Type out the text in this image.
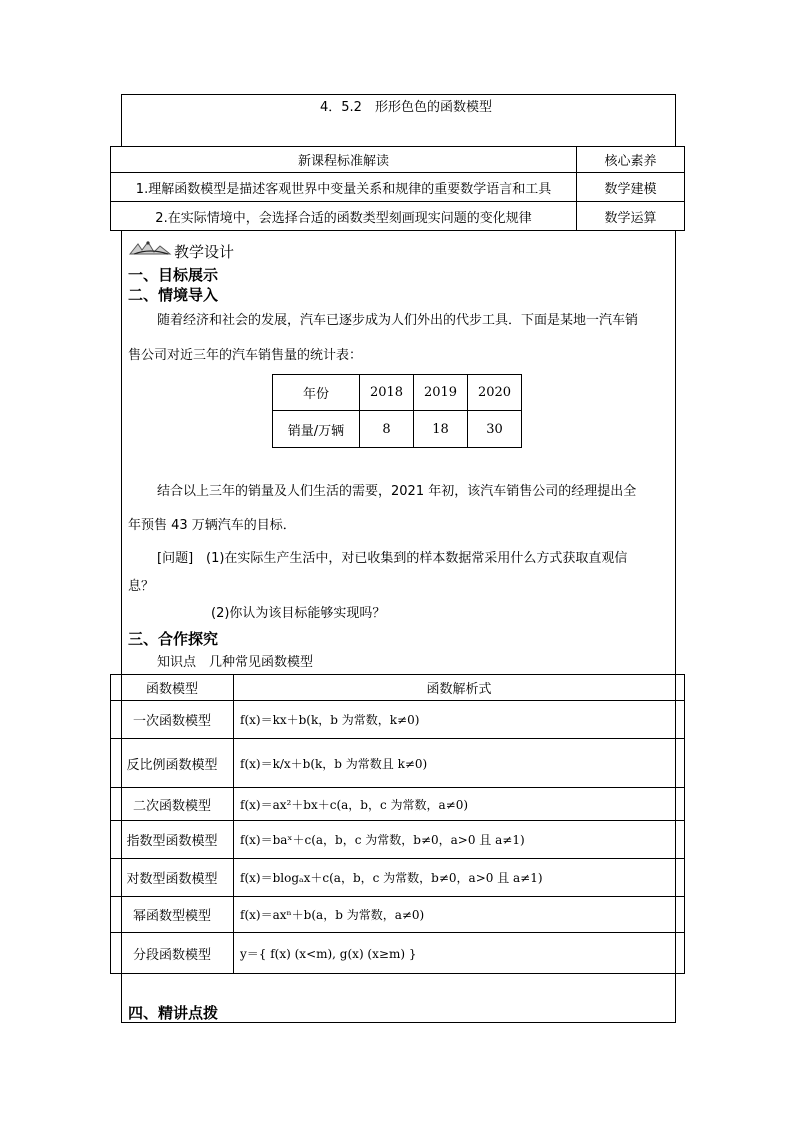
4．5.2　形形色色的函数模型
新课程标准解读	核心素养
1.理解函数模型是描述客观世界中变量关系和规律的重要数学语言和工具	数学建模
2.在实际情境中，会选择合适的函数类型刻画现实问题的变化规律	数学运算
教学设计
一、目标展示
二、情境导入
随着经济和社会的发展，汽车已逐步成为人们外出的代步工具．下面是某地一汽车销
售公司对近三年的汽车销售量的统计表：
年份	2018	2019	2020
销量/万辆	8	18	30
结合以上三年的销量及人们生活的需要，2021 年初，该汽车销售公司的经理提出全
年预售 43 万辆汽车的目标．
[问题] (1)在实际生产生活中，对已收集到的样本数据常采用什么方式获取直观信
息？
(2)你认为该目标能够实现吗？
三、合作探究
知识点　几种常见函数模型
函数模型	函数解析式
一次函数模型	f(x)＝kx＋b(k，b 为常数，k≠0)
反比例函数模型	f(x)＝k/x＋b(k，b 为常数且 k≠0)
二次函数模型	f(x)＝ax²＋bx＋c(a，b，c 为常数，a≠0)
指数型函数模型	f(x)＝baˣ＋c(a，b，c 为常数，b≠0，a>0 且 a≠1)
对数型函数模型	f(x)＝blogₐx＋c(a，b，c 为常数，b≠0，a>0 且 a≠1)
幂函数型模型	f(x)＝axⁿ＋b(a，b 为常数，a≠0)
分段函数模型	y＝{ f(x) (x<m), g(x) (x≥m) }
四、精讲点拨
